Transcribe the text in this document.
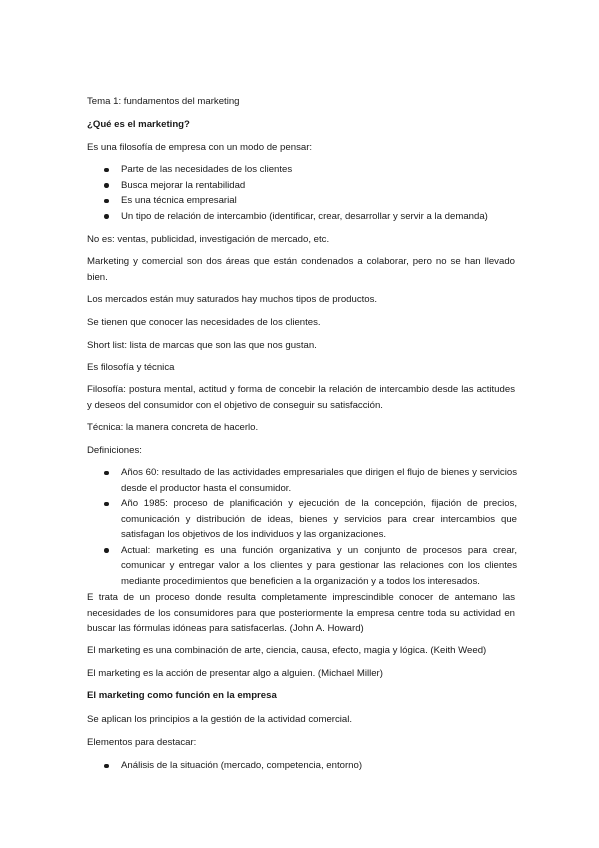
Tema 1: fundamentos del marketing
¿Qué es el marketing?
Es una filosofía de empresa con un modo de pensar:
Parte de las necesidades de los clientes
Busca mejorar la rentabilidad
Es una técnica empresarial
Un tipo de relación de intercambio (identificar, crear, desarrollar y servir a la demanda)
No es: ventas, publicidad, investigación de mercado, etc.
Marketing y comercial son dos áreas que están condenados a colaborar, pero no se han llevado bien.
Los mercados están muy saturados hay muchos tipos de productos.
Se tienen que conocer las necesidades de los clientes.
Short list: lista de marcas que son las que nos gustan.
Es filosofía y técnica
Filosofía: postura mental, actitud y forma de concebir la relación de intercambio desde las actitudes y deseos del consumidor con el objetivo de conseguir su satisfacción.
Técnica: la manera concreta de hacerlo.
Definiciones:
Años 60: resultado de las actividades empresariales que dirigen el flujo de bienes y servicios desde el productor hasta el consumidor.
Año 1985: proceso de planificación y ejecución de la concepción, fijación de precios, comunicación y distribución de ideas, bienes y servicios para crear intercambios que satisfagan los objetivos de los individuos y las organizaciones.
Actual: marketing es una función organizativa y un conjunto de procesos para crear, comunicar y entregar valor a los clientes y para gestionar las relaciones con los clientes mediante procedimientos que beneficien a la organización y a todos los interesados.
E trata de un proceso donde resulta completamente imprescindible conocer de antemano las necesidades de los consumidores para que posteriormente la empresa centre toda su actividad en buscar las fórmulas idóneas para satisfacerlas. (John A. Howard)
El marketing es una combinación de arte, ciencia, causa, efecto, magia y lógica. (Keith Weed)
El marketing es la acción de presentar algo a alguien. (Michael Miller)
El marketing como función en la empresa
Se aplican los principios a la gestión de la actividad comercial.
Elementos para destacar:
Análisis de la situación (mercado, competencia, entorno)
